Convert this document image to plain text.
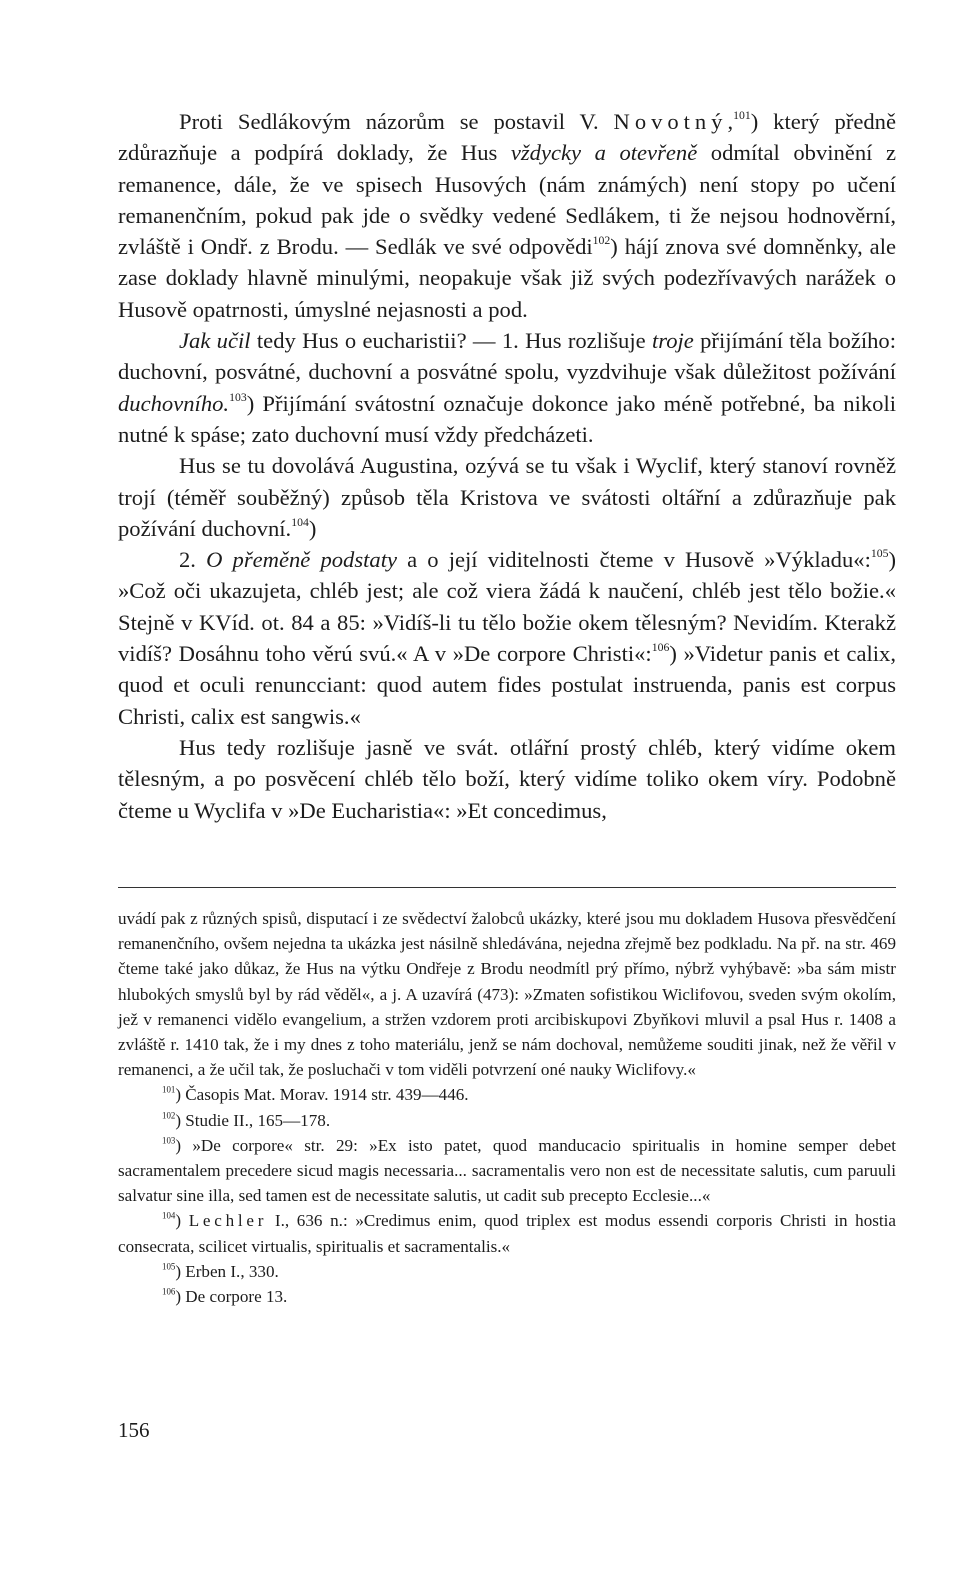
Proti Sedlákovým názorům se postavil V. Novotný,$^{101}$) který předně zdůrazňuje a podpírá doklady, že Hus vždycky a otevřeně odmítal obvinění z remanence, dále, že ve spisech Husových (nám známých) není stopy po učení remanenčním, pokud pak jde o svědky vedené Sedlákem, ti že nejsou hodnověrní, zvláště i Ondř. z Brodu. — Sedlák ve své odpovědi$^{102}$) hájí znova své domněnky, ale zase doklady hlavně minulými, neopakuje však již svých podezřívavých narážek o Husově opatrnosti, úmyslné nejasnosti a pod.

Jak učil tedy Hus o eucharistii? — 1. Hus rozlišuje troje přijímání těla božího: duchovní, posvátné, duchovní a posvátné spolu, vyzdvihuje však důležitost požívání duchovního.$^{103}$) Přijímání svátostní označuje dokonce jako méně potřebné, ba nikoli nutné k spáse; zato duchovní musí vždy předcházeti.

Hus se tu dovolává Augustina, ozývá se tu však i Wyclif, který stanoví rovněž trojí (téměř souběžný) způsob těla Kristova ve svátosti oltářní a zdůrazňuje pak požívání duchovní.$^{104}$)

2. O přeměně podstaty a o její viditelnosti čteme v Husově »Výkladu«:$^{105}$) »Což oči ukazujeta, chléb jest; ale což viera žádá k naučení, chléb jest tělo božie.« Stejně v KVíd. ot. 84 a 85: »Vidíš-li tu tělo božie okem tělesným? Nevidím. Kterakž vidíš? Dosáhnu toho věrú svú.« A v »De corpore Christi«:$^{106}$) »Videtur panis et calix, quod et oculi renuncciant: quod autem fides postulat instruenda, panis est corpus Christi, calix est sangwis.«

Hus tedy rozlišuje jasně ve svát. otlářní prostý chléb, který vidíme okem tělesným, a po posvěcení chléb tělo boží, který vidíme toliko okem víry. Podobně čteme u Wyclifa v »De Eucharistia«: »Et concedimus,

uvádí pak z různých spisů, disputací i ze svědectví žalobců ukázky, které jsou mu dokladem Husova přesvědčení remanenčního, ovšem nejedna ta ukázka jest násilně shledávána, nejedna zřejmě bez podkladu. Na př. na str. 469 čteme také jako důkaz, že Hus na výtku Ondřeje z Brodu neodmítl prý přímo, nýbrž vyhýbavě: »ba sám mistr hlubokých smyslů byl by rád věděl«, a j. A uzavírá (473): »Zmaten sofistikou Wiclifovou, sveden svým okolím, jež v remanenci vidělo evangelium, a stržen vzdorem proti arcibiskupovi Zbyňkovi mluvil a psal Hus r. 1408 a zvláště r. 1410 tak, že i my dnes z toho materiálu, jenž se nám dochoval, nemůžeme souditi jinak, než že věřil v remanenci, a že učil tak, že posluchači v tom viděli potvrzení oné nauky Wiclifovy.«

$^{101}$) Časopis Mat. Morav. 1914 str. 439—446.

$^{102}$) Studie II., 165—178.

$^{103}$) »De corpore« str. 29: »Ex isto patet, quod manducacio spiritualis in homine semper debet sacramentalem precedere sicud magis necessaria... sacramentalis vero non est de necessitate salutis, cum paruuli salvatur sine illa, sed tamen est de necessitate salutis, ut cadit sub precepto Ecclesie...«

$^{104}$) Lechler I., 636 n.: »Credimus enim, quod triplex est modus essendi corporis Christi in hostia consecrata, scilicet virtualis, spiritualis et sacramentalis.«

$^{105}$) Erben I., 330.

$^{106}$) De corpore 13.

156
